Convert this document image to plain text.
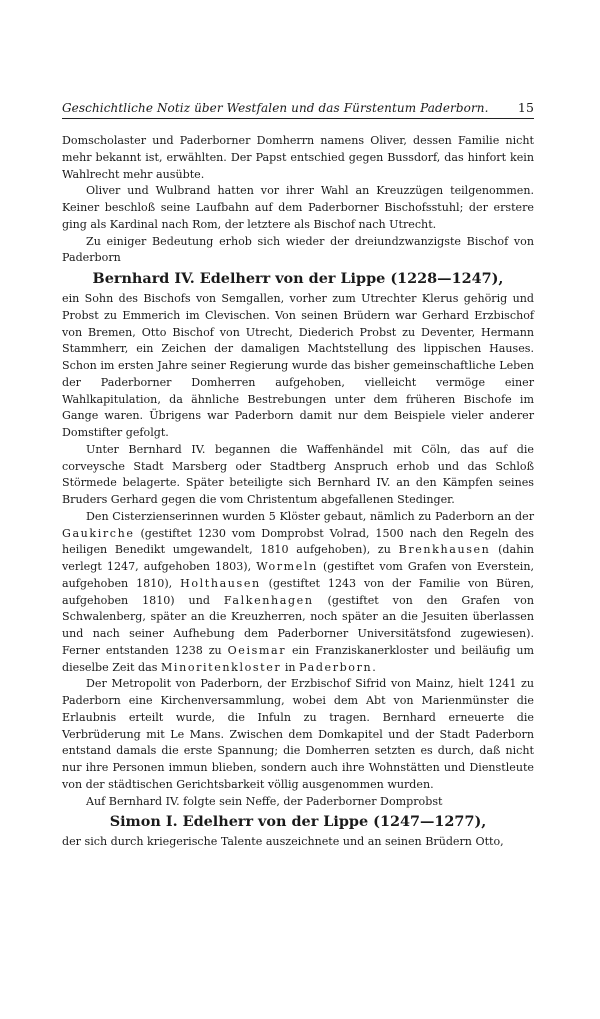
Geschichtliche Notiz über Westfalen und das Fürstentum Paderborn. 15

Domscholaster und Paderborner Domherrn namens Oliver, dessen Familie nicht mehr bekannt ist, erwählten. Der Papst entschied gegen Bussdorf, das hinfort kein Wahlrecht mehr ausübte.

Oliver und Wulbrand hatten vor ihrer Wahl an Kreuzzügen teilgenommen. Keiner beschloß seine Laufbahn auf dem Paderborner Bischofsstuhl; der erstere ging als Kardinal nach Rom, der letztere als Bischof nach Utrecht.

Zu einiger Bedeutung erhob sich wieder der dreiundzwanzigste Bischof von Paderborn

Bernhard IV. Edelherr von der Lippe (1228—1247),

ein Sohn des Bischofs von Semgallen, vorher zum Utrechter Klerus gehörig und Probst zu Emmerich im Clevischen. Von seinen Brüdern war Gerhard Erzbischof von Bremen, Otto Bischof von Utrecht, Diederich Probst zu Deventer, Hermann Stammherr, ein Zeichen der damaligen Machtstellung des lippischen Hauses. Schon im ersten Jahre seiner Regierung wurde das bisher gemeinschaftliche Leben der Paderborner Domherren aufgehoben, vielleicht vermöge einer Wahlkapitulation, da ähnliche Bestrebungen unter dem früheren Bischofe im Gange waren. Übrigens war Paderborn damit nur dem Beispiele vieler anderer Domstifter gefolgt.

Unter Bernhard IV. begannen die Waffenhändel mit Cöln, das auf die corveysche Stadt Marsberg oder Stadtberg Anspruch erhob und das Schloß Störmede belagerte. Später beteiligte sich Bernhard IV. an den Kämpfen seines Bruders Gerhard gegen die vom Christentum abgefallenen Stedinger.

Den Cisterzienserinnen wurden 5 Klöster gebaut, nämlich zu Paderborn an der Gaukirche (gestiftet 1230 vom Domprobst Volrad, 1500 nach den Regeln des heiligen Benedikt umgewandelt, 1810 aufgehoben), zu Brenkhausen (dahin verlegt 1247, aufgehoben 1803), Wormeln (gestiftet vom Grafen von Everstein, aufgehoben 1810), Holthausen (gestiftet 1243 von der Familie von Büren, aufgehoben 1810) und Falkenhagen (gestiftet von den Grafen von Schwalenberg, später an die Kreuzherren, noch später an die Jesuiten überlassen und nach seiner Aufhebung dem Paderborner Universitätsfond zugewiesen). Ferner entstanden 1238 zu Oeismar ein Franziskanerkloster und beiläufig um dieselbe Zeit das Minoritenkloster in Paderborn.

Der Metropolit von Paderborn, der Erzbischof Sifrid von Mainz, hielt 1241 zu Paderborn eine Kirchenversammlung, wobei dem Abt von Marienmünster die Erlaubnis erteilt wurde, die Infuln zu tragen. Bernhard erneuerte die Verbrüderung mit Le Mans. Zwischen dem Domkapitel und der Stadt Paderborn entstand damals die erste Spannung; die Domherren setzten es durch, daß nicht nur ihre Personen immun blieben, sondern auch ihre Wohnstätten und Dienstleute von der städtischen Gerichtsbarkeit völlig ausgenommen wurden.

Auf Bernhard IV. folgte sein Neffe, der Paderborner Domprobst

Simon I. Edelherr von der Lippe (1247—1277),

der sich durch kriegerische Talente auszeichnete und an seinen Brüdern Otto,
